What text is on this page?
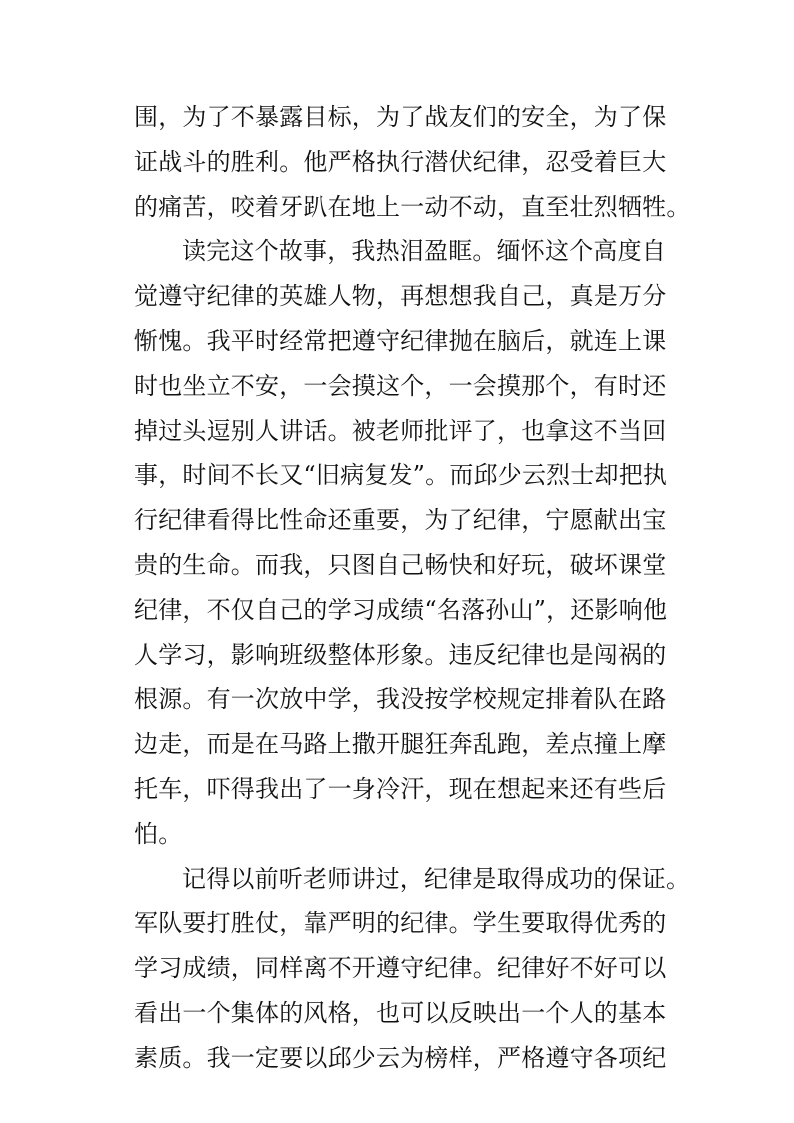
围，为了不暴露目标，为了战友们的安全，为了保
证战斗的胜利。他严格执行潜伏纪律，忍受着巨大
的痛苦，咬着牙趴在地上一动不动，直至壮烈牺牲。
读完这个故事，我热泪盈眶。缅怀这个高度自
觉遵守纪律的英雄人物，再想想我自己，真是万分
惭愧。我平时经常把遵守纪律抛在脑后，就连上课
时也坐立不安，一会摸这个，一会摸那个，有时还
掉过头逗别人讲话。被老师批评了，也拿这不当回
事，时间不长又“旧病复发”。而邱少云烈士却把执
行纪律看得比性命还重要，为了纪律，宁愿献出宝
贵的生命。而我，只图自己畅快和好玩，破坏课堂
纪律，不仅自己的学习成绩“名落孙山”，还影响他
人学习，影响班级整体形象。违反纪律也是闯祸的
根源。有一次放中学，我没按学校规定排着队在路
边走，而是在马路上撒开腿狂奔乱跑，差点撞上摩
托车，吓得我出了一身冷汗，现在想起来还有些后
怕。
记得以前听老师讲过，纪律是取得成功的保证。
军队要打胜仗，靠严明的纪律。学生要取得优秀的
学习成绩，同样离不开遵守纪律。纪律好不好可以
看出一个集体的风格，也可以反映出一个人的基本
素质。我一定要以邱少云为榜样，严格遵守各项纪
